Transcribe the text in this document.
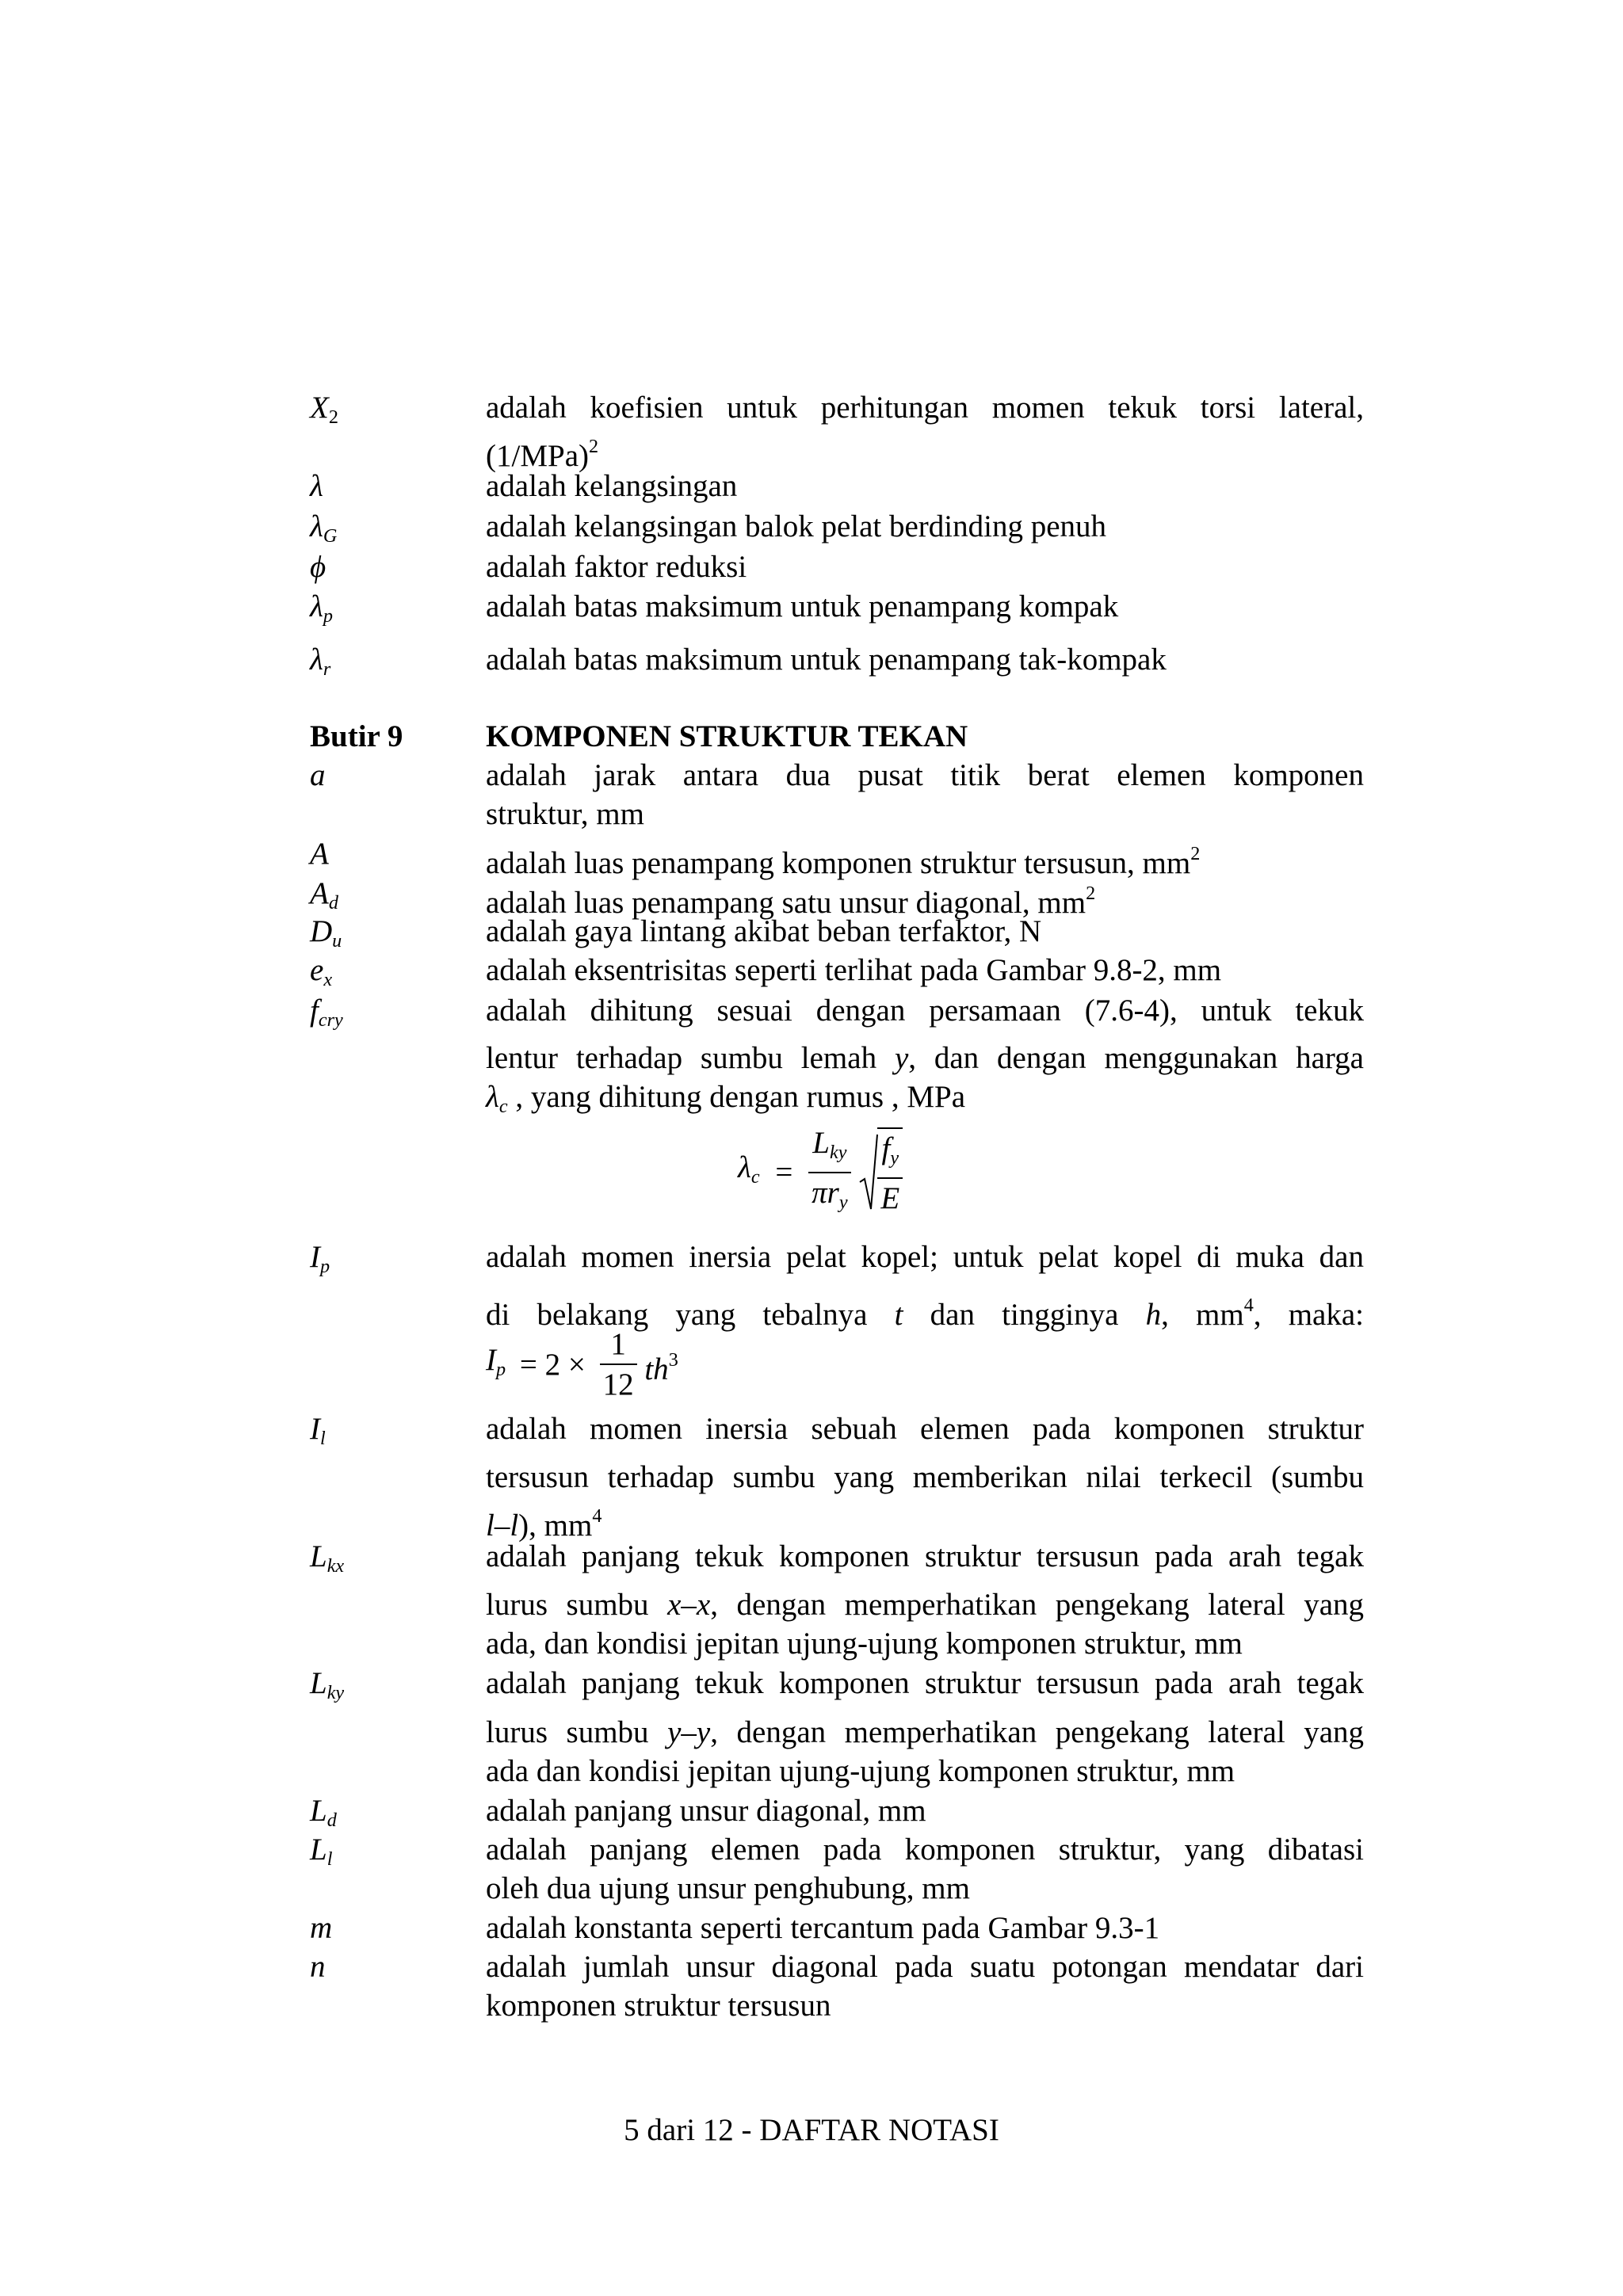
$X_2$	adalah koefisien untuk perhitungan momen tekuk torsi lateral,
$(1/MPa)^2$
λ	adalah kelangsingan
$\lambda_G$	adalah kelangsingan balok pelat berdinding penuh
ϕ	adalah faktor reduksi
$\lambda_p$	adalah batas maksimum untuk penampang kompak
$\lambda_r$	adalah batas maksimum untuk penampang tak-kompak
Butir 9	KOMPONEN STRUKTUR TEKAN
a	adalah jarak antara dua pusat titik berat elemen komponen
struktur, mm
A	adalah luas penampang komponen struktur tersusun, $mm^2$
$A_d$	adalah luas penampang satu unsur diagonal, $mm^2$
$D_u$	adalah gaya lintang akibat beban terfaktor, N
$e_x$	adalah eksentrisitas seperti terlihat pada Gambar 9.8-2, mm
$f_{cry}$	adalah dihitung sesuai dengan persamaan (7.6-4), untuk tekuk
lentur terhadap sumbu lemah y, dan dengan menggunakan harga
$\lambda_c$ , yang dihitung dengan rumus , MPa
$\lambda_c = \frac{L_{ky}}{\pi r_y}$
$\frac{f_y}{E}$
$I_p$	adalah momen inersia pelat kopel; untuk pelat kopel di muka dan
di belakang yang tebalnya t dan tingginya h, $mm^4$, maka:
$I_p = 2 \times \frac{1}{12} th^3$
$I_l$	adalah momen inersia sebuah elemen pada komponen struktur
tersusun terhadap sumbu yang memberikan nilai terkecil (sumbu
l–l), $mm^4$
$L_{kx}$	adalah panjang tekuk komponen struktur tersusun pada arah tegak
lurus sumbu x–x, dengan memperhatikan pengekang lateral yang
ada, dan kondisi jepitan ujung-ujung komponen struktur, mm
$L_{ky}$	adalah panjang tekuk komponen struktur tersusun pada arah tegak
lurus sumbu y–y, dengan memperhatikan pengekang lateral yang
ada dan kondisi jepitan ujung-ujung komponen struktur, mm
$L_d$	adalah panjang unsur diagonal, mm
$L_l$	adalah panjang elemen pada komponen struktur, yang dibatasi
oleh dua ujung unsur penghubung, mm
m	adalah konstanta seperti tercantum pada Gambar 9.3-1
n	adalah jumlah unsur diagonal pada suatu potongan mendatar dari
komponen struktur tersusun
5 dari 12 - DAFTAR NOTASI
